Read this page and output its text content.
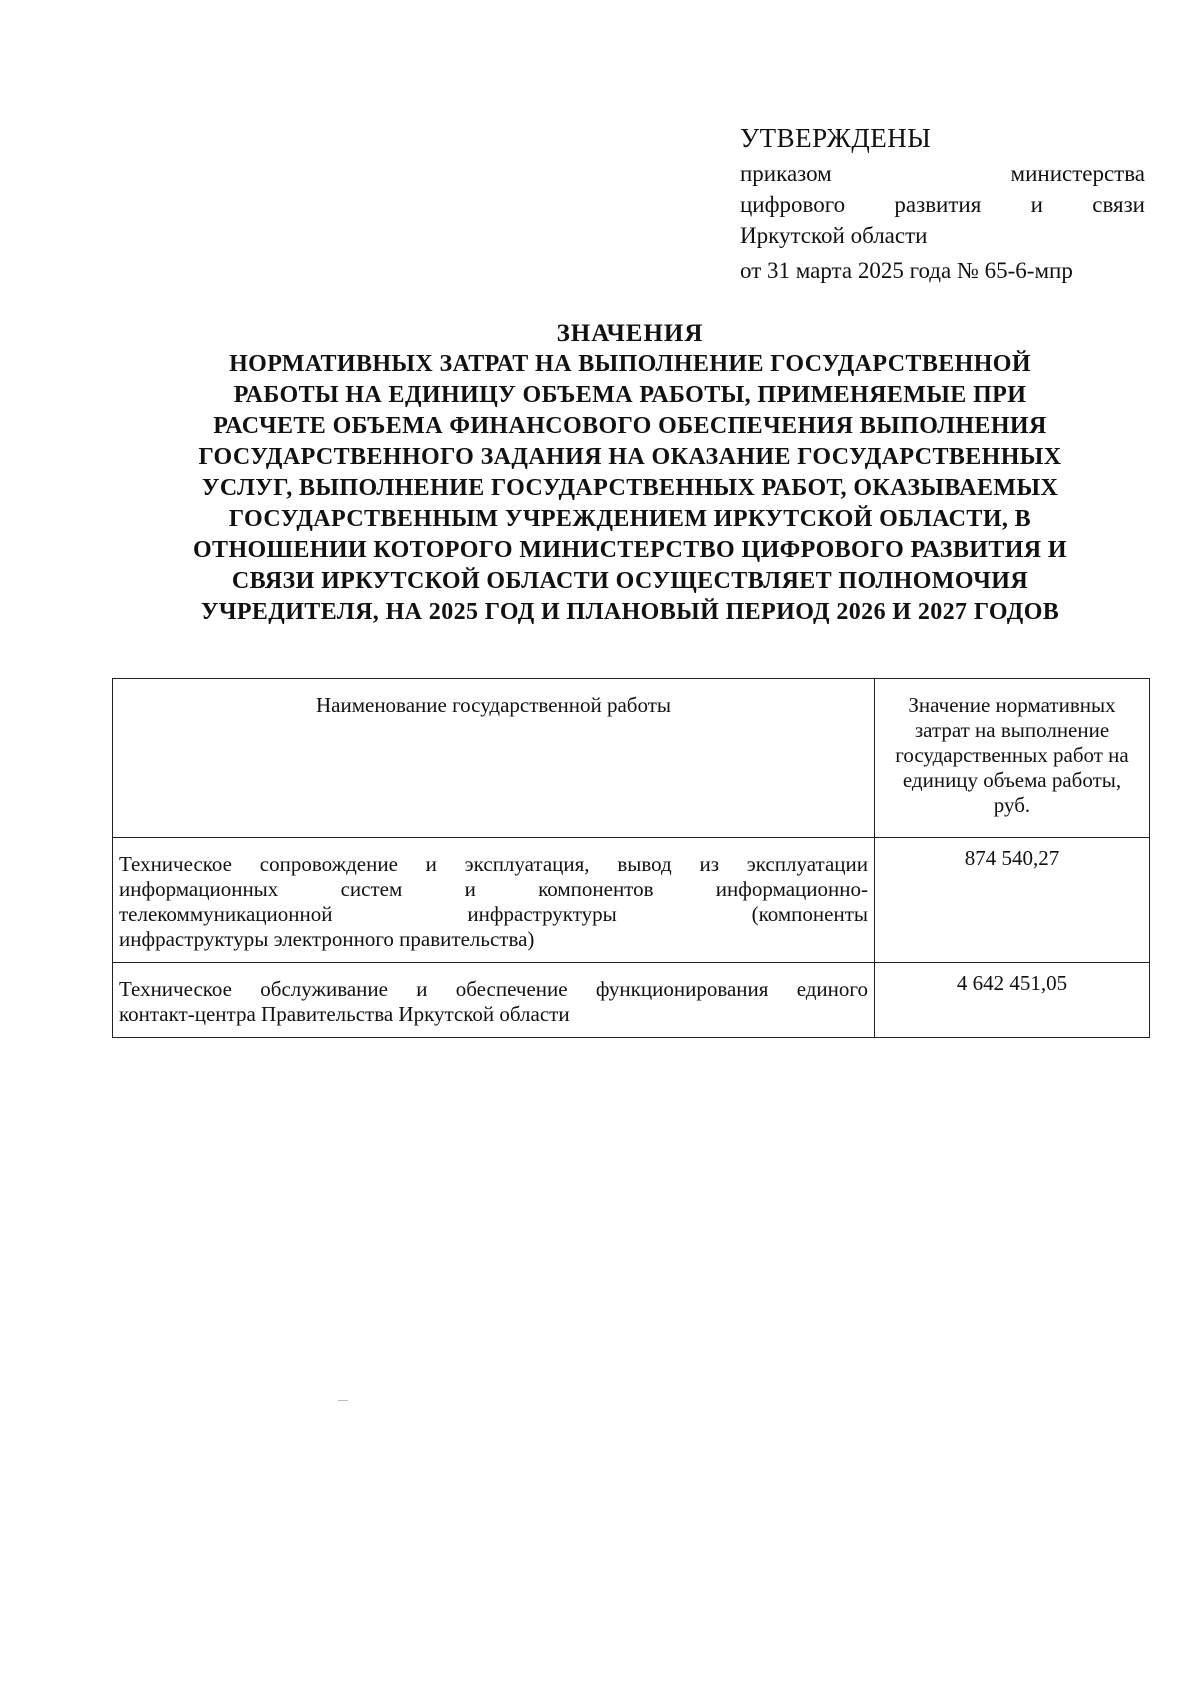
УТВЕРЖДЕНЫ
приказом министерства
цифрового развития и связи
Иркутской области
от 31 марта 2025 года № 65-6-мпр
ЗНАЧЕНИЯ
НОРМАТИВНЫХ ЗАТРАТ НА ВЫПОЛНЕНИЕ ГОСУДАРСТВЕННОЙ
РАБОТЫ НА ЕДИНИЦУ ОБЪЕМА РАБОТЫ, ПРИМЕНЯЕМЫЕ ПРИ
РАСЧЕТЕ ОБЪЕМА ФИНАНСОВОГО ОБЕСПЕЧЕНИЯ ВЫПОЛНЕНИЯ
ГОСУДАРСТВЕННОГО ЗАДАНИЯ НА ОКАЗАНИЕ ГОСУДАРСТВЕННЫХ
УСЛУГ, ВЫПОЛНЕНИЕ ГОСУДАРСТВЕННЫХ РАБОТ, ОКАЗЫВАЕМЫХ
ГОСУДАРСТВЕННЫМ УЧРЕЖДЕНИЕМ ИРКУТСКОЙ ОБЛАСТИ, В
ОТНОШЕНИИ КОТОРОГО МИНИСТЕРСТВО ЦИФРОВОГО РАЗВИТИЯ И
СВЯЗИ ИРКУТСКОЙ ОБЛАСТИ ОСУЩЕСТВЛЯЕТ ПОЛНОМОЧИЯ
УЧРЕДИТЕЛЯ, НА 2025 ГОД И ПЛАНОВЫЙ ПЕРИОД 2026 И 2027 ГОДОВ
Наименование государственной работы	Значение нормативных затрат на выполнение государственных работ на единицу объема работы, руб.

Техническое сопровождение и эксплуатация, вывод из эксплуатации
информационных систем и компонентов информационно-
телекоммуникационной инфраструктуры (компоненты
инфраструктуры электронного правительства)	874 540,27

Техническое обслуживание и обеспечение функционирования единого
контакт-центра Правительства Иркутской области	4 642 451,05
